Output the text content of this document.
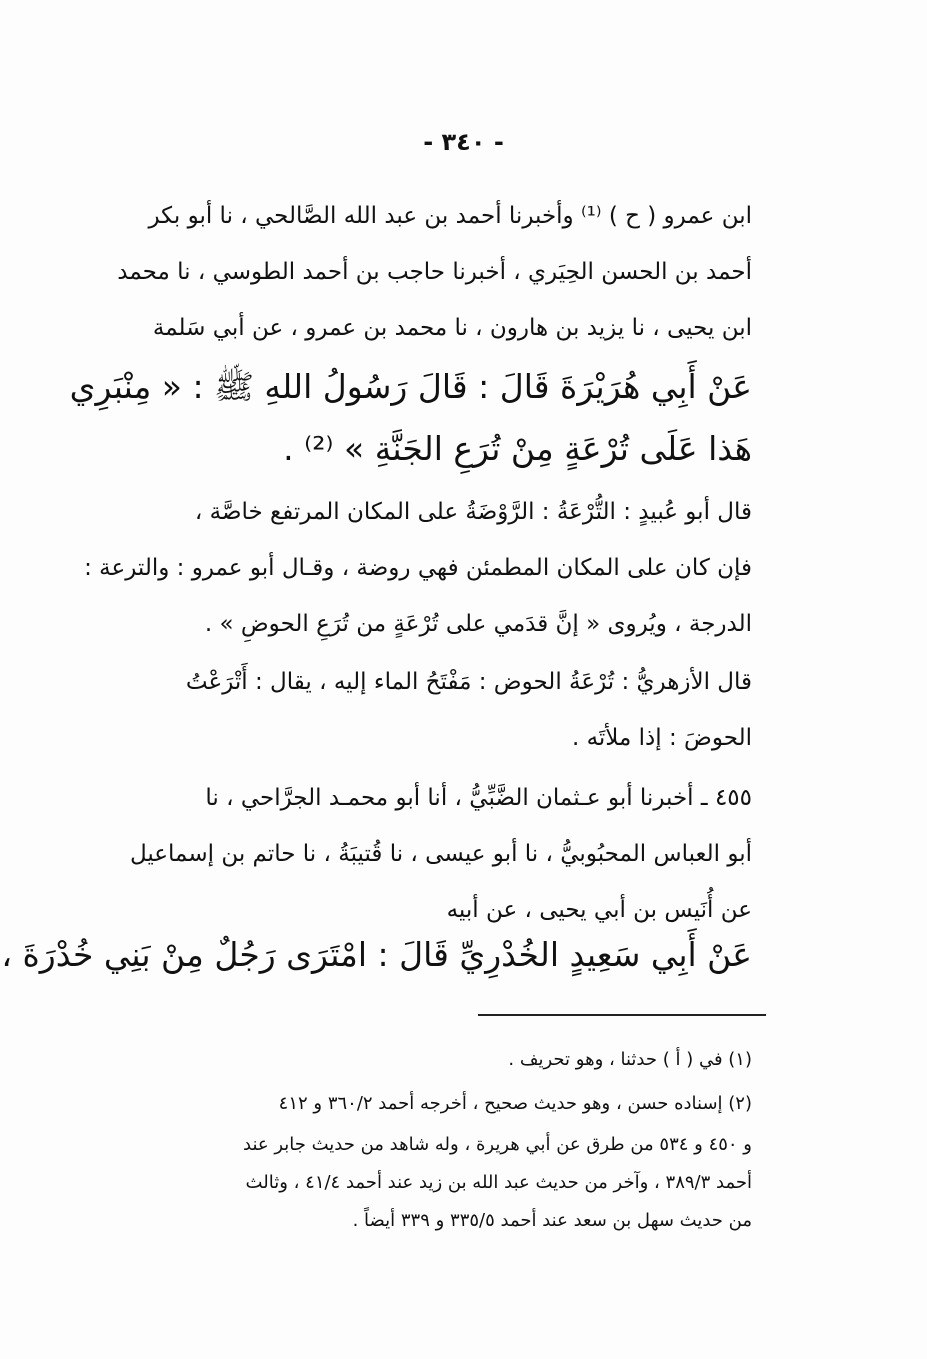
- ٣٤٠ -
ابن عمرو ( ح ) ⁽¹⁾ وأخبرنا أحمد بن عبد الله الصَّالحي ، نا أبو بكر
أحمد بن الحسن الحِيَري ، أخبرنا حاجب بن أحمد الطوسي ، نا محمد
ابن يحيى ، نا يزيد بن هارون ، نا محمد بن عمرو ، عن أبي سَلمة
عَنْ أَبِي هُرَيْرَةَ قَالَ : قَالَ رَسُولُ اللهِ ﷺ : « مِنْبَرِي
هَذا عَلَى تُرْعَةٍ مِنْ تُرَعِ الجَنَّةِ » ⁽²⁾ .
قال أبو عُبيدٍ : التُّرْعَةُ : الرَّوْضَةُ على المكان المرتفع خاصَّة ،
فإن كان على المكان المطمئن فهي روضة ، وقـال أبو عمرو : والترعة :
الدرجة ، ويُروى « إنَّ قدَمي على تُرْعَةٍ من تُرَعِ الحوضِ » .
قال الأزهريُّ : تُرْعَةُ الحوض : مَفْتَحُ الماء إليه ، يقال : أَتْرَعْتُ
الحوضَ : إذا ملأتَه .
٤٥٥ ـ أخبرنا أبو عـثمان الضَّبِّيُّ ، أنا أبو محمـد الجرَّاحي ، نا
أبو العباس المحبُوبيُّ ، نا أبو عيسى ، نا قُتيبَةُ ، نا حاتم بن إسماعيل
عن أُنَيس بن أبي يحيى ، عن أبيه
عَنْ أَبِي سَعِيدٍ الخُدْرِيِّ قَالَ : امْتَرَى رَجُلٌ مِنْ بَنِي خُدْرَةَ ،
(١) في ( أ ) حدثنا ، وهو تحريف .
(٢) إسناده حسن ، وهو حديث صحيح ، أخرجه أحمد ٣٦٠/٢ و ٤١٢
و ٤٥٠ و ٥٣٤ من طرق عن أبي هريرة ، وله شاهد من حديث جابر عند
أحمد ٣٨٩/٣ ، وآخر من حديث عبد الله بن زيد عند أحمد ٤١/٤ ، وثالث
من حديث سهل بن سعد عند أحمد ٣٣٥/٥ و ٣٣٩ أيضاً .
